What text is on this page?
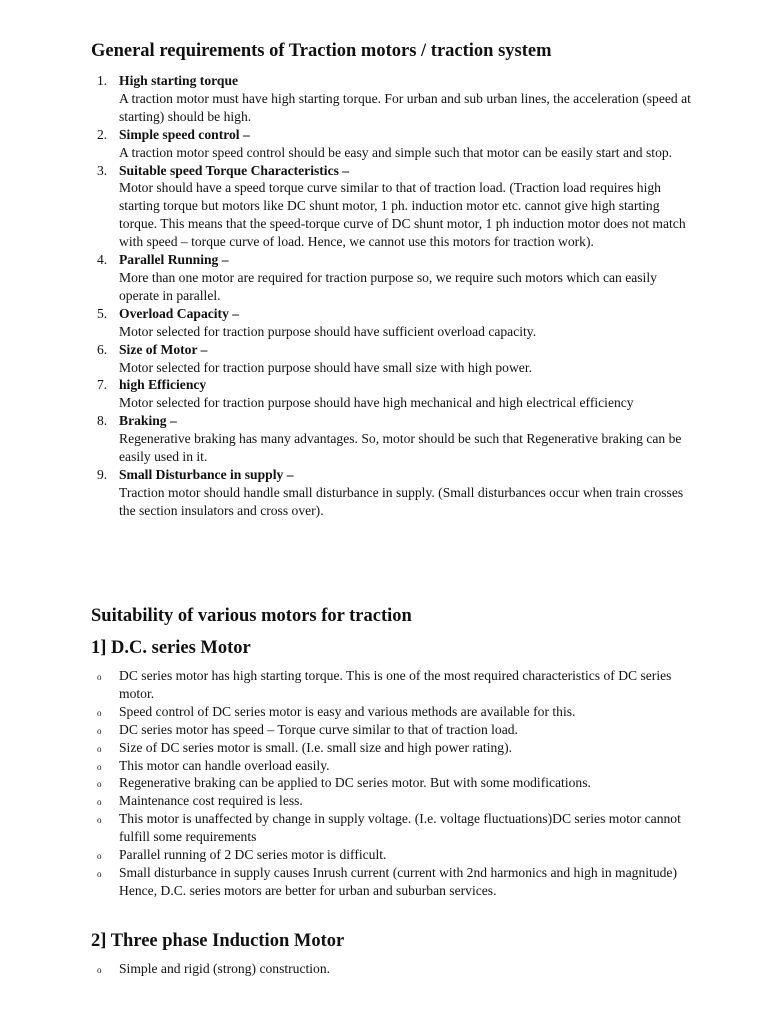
General requirements of Traction motors / traction system
1. High starting torque
A traction motor must have high starting torque. For urban and sub urban lines, the acceleration (speed at starting) should be high.
2. Simple speed control –
A traction motor speed control should be easy and simple such that motor can be easily start and stop.
3. Suitable speed Torque Characteristics –
Motor should have a speed torque curve similar to that of traction load. (Traction load requires high starting torque but motors like DC shunt motor, 1 ph. induction motor etc. cannot give high starting torque. This means that the speed-torque curve of DC shunt motor, 1 ph induction motor does not match with speed – torque curve of load. Hence, we cannot use this motors for traction work).
4. Parallel Running –
More than one motor are required for traction purpose so, we require such motors which can easily operate in parallel.
5. Overload Capacity –
Motor selected for traction purpose should have sufficient overload capacity.
6. Size of Motor –
Motor selected for traction purpose should have small size with high power.
7. high Efficiency
Motor selected for traction purpose should have high mechanical and high electrical efficiency
8. Braking –
Regenerative braking has many advantages. So, motor should be such that Regenerative braking can be easily used in it.
9. Small Disturbance in supply –
Traction motor should handle small disturbance in supply. (Small disturbances occur when train crosses the section insulators and cross over).
Suitability of various motors for traction
1] D.C. series Motor
o DC series motor has high starting torque. This is one of the most required characteristics of DC series motor.
o Speed control of DC series motor is easy and various methods are available for this.
o DC series motor has speed – Torque curve similar to that of traction load.
o Size of DC series motor is small. (I.e. small size and high power rating).
o This motor can handle overload easily.
o Regenerative braking can be applied to DC series motor. But with some modifications.
o Maintenance cost required is less.
o This motor is unaffected by change in supply voltage. (I.e. voltage fluctuations)DC series motor cannot fulfill some requirements
o Parallel running of 2 DC series motor is difficult.
o Small disturbance in supply causes Inrush current (current with 2nd harmonics and high in magnitude) Hence, D.C. series motors are better for urban and suburban services.
2] Three phase Induction Motor
o Simple and rigid (strong) construction.
